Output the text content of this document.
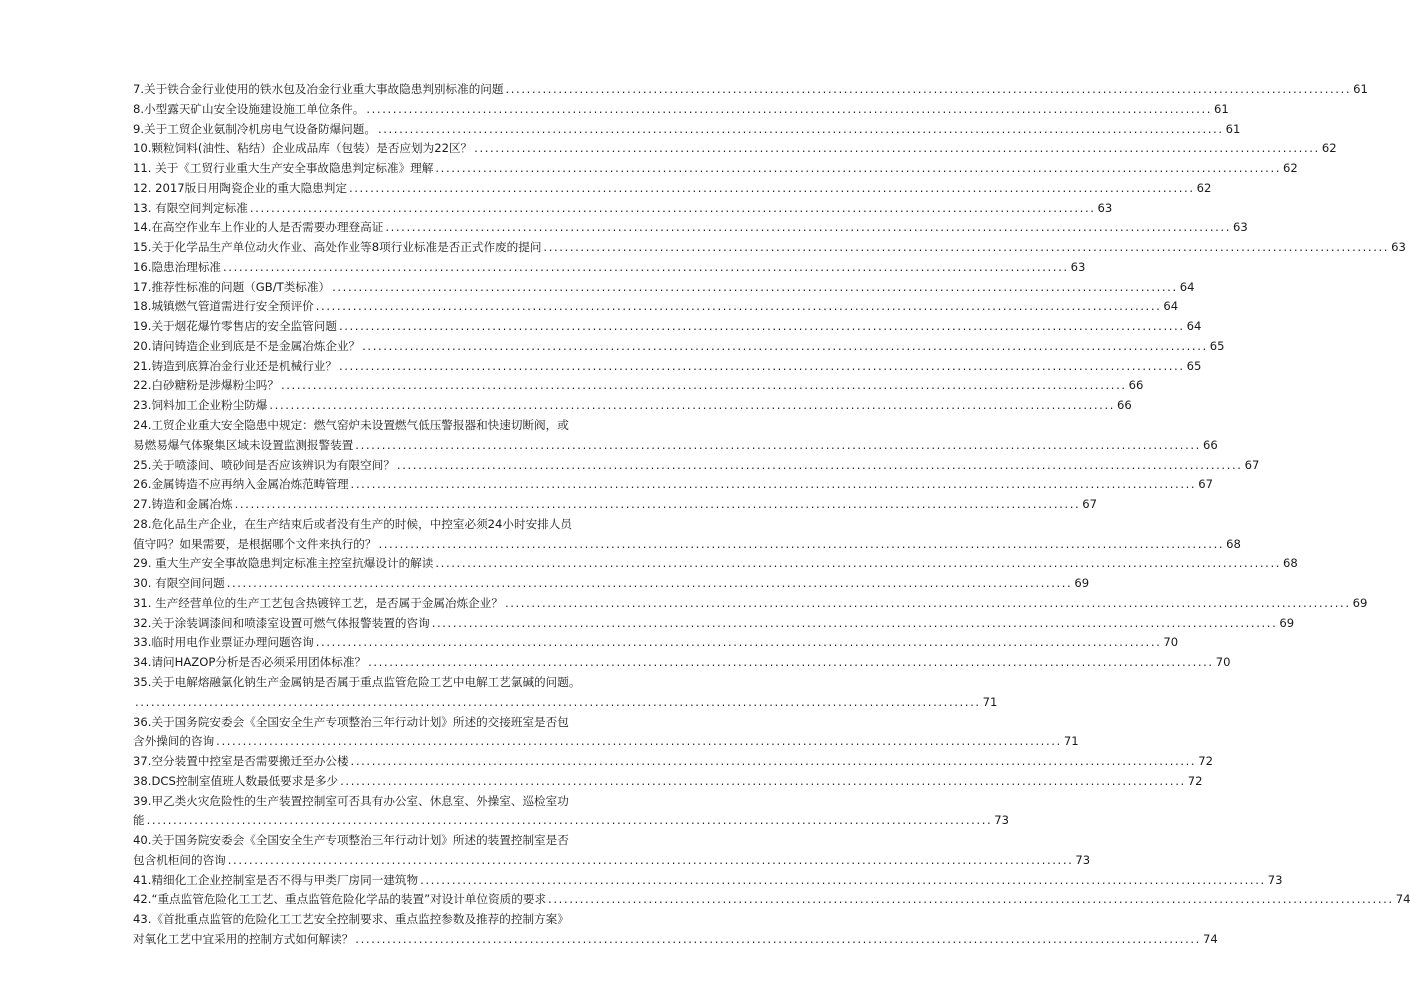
7.关于铁合金行业使用的铁水包及冶金行业重大事故隐患判别标准的问题 ................................................................................................................................................................ 61
8.小型露天矿山安全设施建设施工单位条件。 ................................................................................................................................................................ 61
9.关于工贸企业氨制冷机房电气设备防爆问题。 ................................................................................................................................................................ 61
10.颗粒饲料(油性、粘结）企业成品库（包装）是否应划为22区？ ................................................................................................................................................................ 62
11. 关于《工贸行业重大生产安全事故隐患判定标准》理解 ................................................................................................................................................................ 62
12. 2017版日用陶瓷企业的重大隐患判定 ................................................................................................................................................................ 62
13. 有限空间判定标准 ................................................................................................................................................................ 63
14.在高空作业车上作业的人是否需要办理登高证 ................................................................................................................................................................ 63
15.关于化学品生产单位动火作业、高处作业等8项行业标准是否正式作废的提问 ................................................................................................................................................................ 63
16.隐患治理标准 ................................................................................................................................................................ 63
17.推荐性标准的问题（GB/T类标准） ................................................................................................................................................................ 64
18.城镇燃气管道需进行安全预评价 ................................................................................................................................................................ 64
19.关于烟花爆竹零售店的安全监管问题 ................................................................................................................................................................ 64
20.请问铸造企业到底是不是金属冶炼企业？ ................................................................................................................................................................ 65
21.铸造到底算冶金行业还是机械行业？ ................................................................................................................................................................ 65
22.白砂糖粉是涉爆粉尘吗？ ................................................................................................................................................................ 66
23.饲料加工企业粉尘防爆 ................................................................................................................................................................ 66
24.工贸企业重大安全隐患中规定：燃气窑炉未设置燃气低压警报器和快速切断阀，或
易燃易爆气体聚集区域未设置监测报警装置 ................................................................................................................................................................ 66
25.关于喷漆间、喷砂间是否应该辨识为有限空间？ ................................................................................................................................................................ 67
26.金属铸造不应再纳入金属冶炼范畴管理 ................................................................................................................................................................ 67
27.铸造和金属冶炼 ................................................................................................................................................................ 67
28.危化品生产企业，在生产结束后或者没有生产的时候，中控室必须24小时安排人员
值守吗？如果需要，是根据哪个文件来执行的？ ................................................................................................................................................................ 68
29. 重大生产安全事故隐患判定标准主控室抗爆设计的解读 ................................................................................................................................................................ 68
30. 有限空间问题 ................................................................................................................................................................ 69
31. 生产经营单位的生产工艺包含热镀锌工艺，是否属于金属冶炼企业？ ................................................................................................................................................................ 69
32.关于涂装调漆间和喷漆室设置可燃气体报警装置的咨询 ................................................................................................................................................................ 69
33.临时用电作业票证办理问题咨询 ................................................................................................................................................................ 70
34.请问HAZOP分析是否必须采用团体标准？ ................................................................................................................................................................ 70
35.关于电解熔融氯化钠生产金属钠是否属于重点监管危险工艺中电解工艺氯碱的问题。
................................................................................................................................................................ 71
36.关于国务院安委会《全国安全生产专项整治三年行动计划》所述的交接班室是否包
含外操间的咨询 ................................................................................................................................................................ 71
37.空分装置中控室是否需要搬迁至办公楼 ................................................................................................................................................................ 72
38.DCS控制室值班人数最低要求是多少 ................................................................................................................................................................ 72
39.甲乙类火灾危险性的生产装置控制室可否具有办公室、休息室、外操室、巡检室功
能 ................................................................................................................................................................ 73
40.关于国务院安委会《全国安全生产专项整治三年行动计划》所述的装置控制室是否
包含机柜间的咨询 ................................................................................................................................................................ 73
41.精细化工企业控制室是否不得与甲类厂房同一建筑物 ................................................................................................................................................................ 73
42.“重点监管危险化工工艺、重点监管危险化学品的装置”对设计单位资质的要求 ................................................................................................................................................................ 74
43.《首批重点监管的危险化工工艺安全控制要求、重点监控参数及推荐的控制方案》
对氧化工艺中宜采用的控制方式如何解读？ ................................................................................................................................................................ 74
